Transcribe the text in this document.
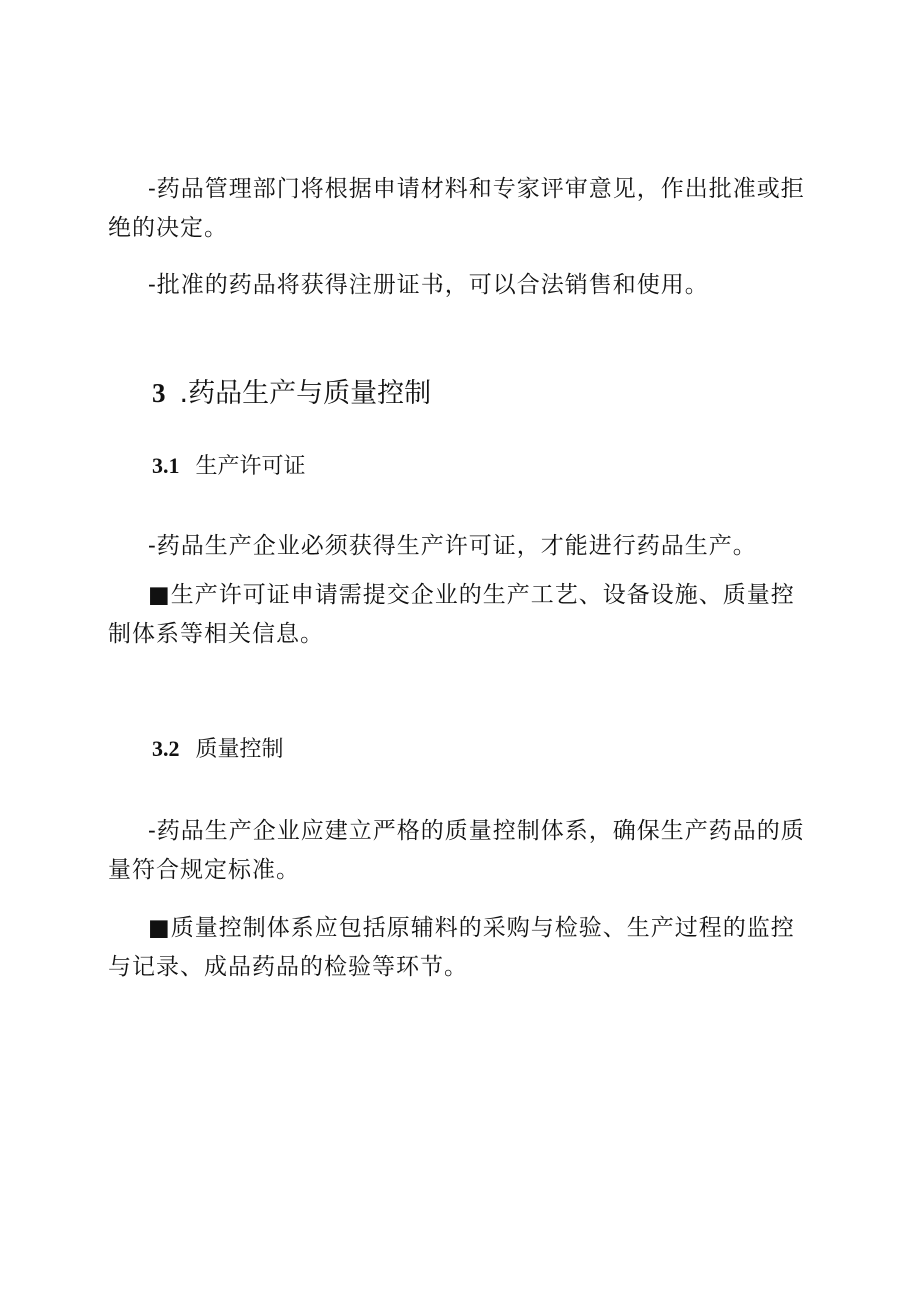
-药品管理部门将根据申请材料和专家评审意见，作出批准或拒绝的决定。

-批准的药品将获得注册证书，可以合法销售和使用。

3 .药品生产与质量控制
3.1 生产许可证

-药品生产企业必须获得生产许可证，才能进行药品生产。

■生产许可证申请需提交企业的生产工艺、设备设施、质量控制体系等相关信息。

3.2 质量控制

-药品生产企业应建立严格的质量控制体系，确保生产药品的质量符合规定标准。

■质量控制体系应包括原辅料的采购与检验、生产过程的监控与记录、成品药品的检验等环节。
